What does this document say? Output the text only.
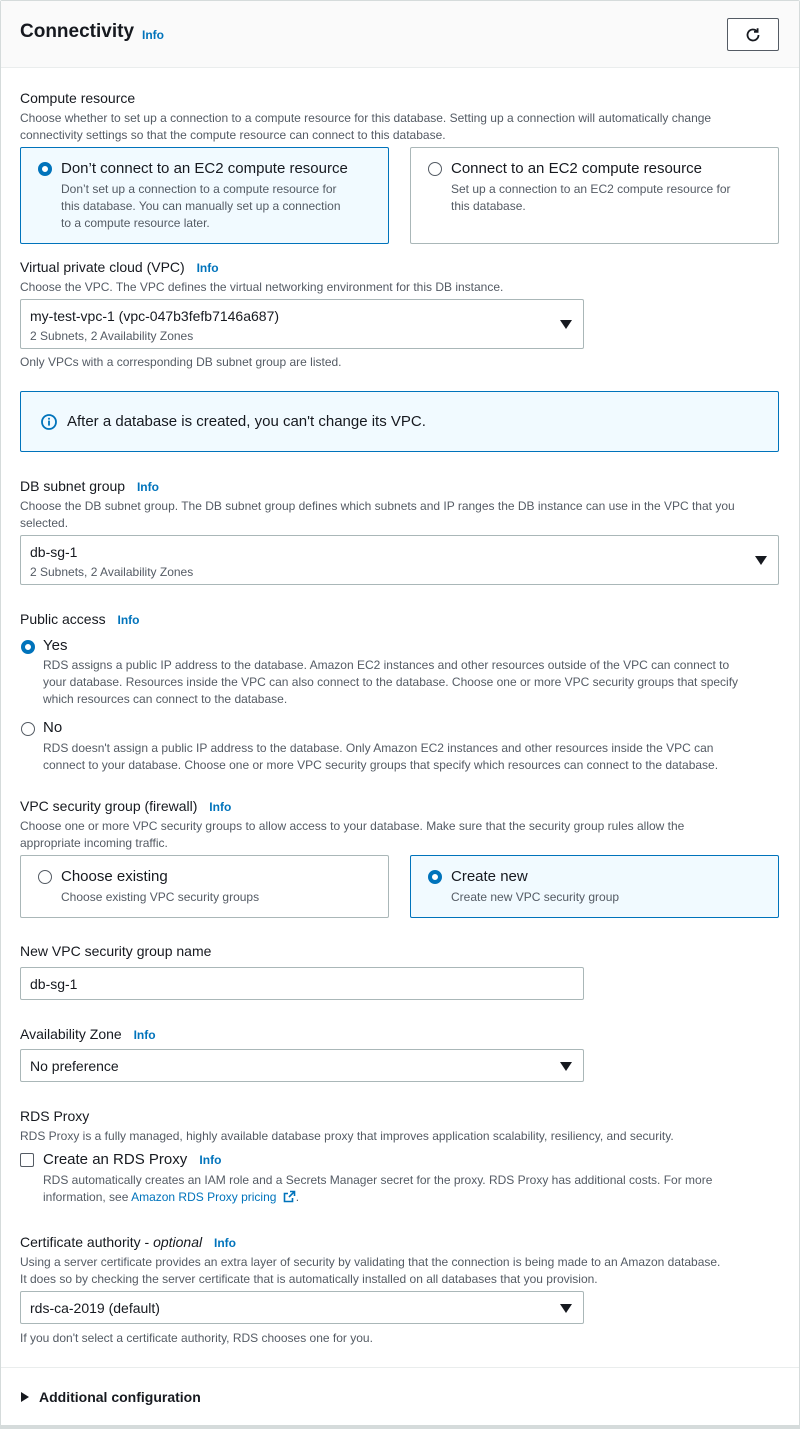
Connectivity Info
Compute resource
Choose whether to set up a connection to a compute resource for this database. Setting up a connection will automatically change
connectivity settings so that the compute resource can connect to this database.
Don’t connect to an EC2 compute resource
Don’t set up a connection to a compute resource for
this database. You can manually set up a connection
to a compute resource later.
Connect to an EC2 compute resource
Set up a connection to an EC2 compute resource for
this database.
Virtual private cloud (VPC) Info
Choose the VPC. The VPC defines the virtual networking environment for this DB instance.
my-test-vpc-1 (vpc-047b3fefb7146a687)
2 Subnets, 2 Availability Zones
Only VPCs with a corresponding DB subnet group are listed.
After a database is created, you can't change its VPC.
DB subnet group Info
Choose the DB subnet group. The DB subnet group defines which subnets and IP ranges the DB instance can use in the VPC that you
selected.
db-sg-1
2 Subnets, 2 Availability Zones
Public access Info
Yes
RDS assigns a public IP address to the database. Amazon EC2 instances and other resources outside of the VPC can connect to
your database. Resources inside the VPC can also connect to the database. Choose one or more VPC security groups that specify
which resources can connect to the database.
No
RDS doesn't assign a public IP address to the database. Only Amazon EC2 instances and other resources inside the VPC can
connect to your database. Choose one or more VPC security groups that specify which resources can connect to the database.
VPC security group (firewall) Info
Choose one or more VPC security groups to allow access to your database. Make sure that the security group rules allow the
appropriate incoming traffic.
Choose existing
Choose existing VPC security groups
Create new
Create new VPC security group
New VPC security group name
db-sg-1
Availability Zone Info
No preference
RDS Proxy
RDS Proxy is a fully managed, highly available database proxy that improves application scalability, resiliency, and security.
Create an RDS Proxy Info
RDS automatically creates an IAM role and a Secrets Manager secret for the proxy. RDS Proxy has additional costs. For more
information, see Amazon RDS Proxy pricing .
Certificate authority - optional Info
Using a server certificate provides an extra layer of security by validating that the connection is being made to an Amazon database.
It does so by checking the server certificate that is automatically installed on all databases that you provision.
rds-ca-2019 (default)
If you don't select a certificate authority, RDS chooses one for you.
Additional configuration
